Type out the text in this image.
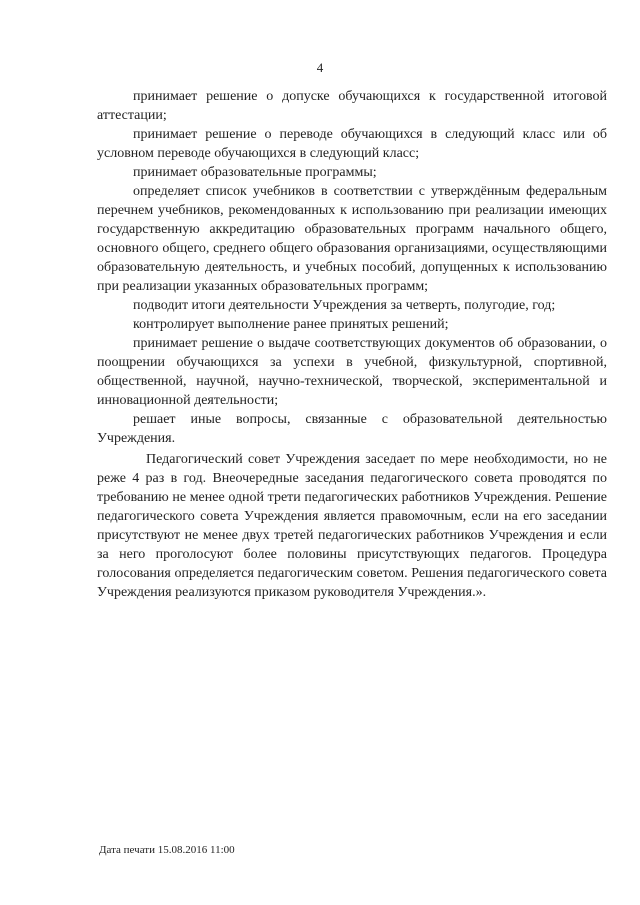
4

принимает решение о допуске обучающихся к государственной итоговой аттестации;

принимает решение о переводе обучающихся в следующий класс или об условном переводе обучающихся в следующий класс;

принимает образовательные программы;

определяет список учебников в соответствии с утверждённым федеральным перечнем учебников, рекомендованных к использованию при реализации имеющих государственную аккредитацию образовательных программ начального общего, основного общего, среднего общего образования организациями, осуществляющими образовательную деятельность, и учебных пособий, допущенных к использованию при реализации указанных образовательных программ;

подводит итоги деятельности Учреждения за четверть, полугодие, год;

контролирует выполнение ранее принятых решений;

принимает решение о выдаче соответствующих документов об образовании, о поощрении обучающихся за успехи в учебной, физкультурной, спортивной, общественной, научной, научно-технической, творческой, экспериментальной и инновационной деятельности;

решает иные вопросы, связанные с образовательной деятельностью Учреждения.

Педагогический совет Учреждения заседает по мере необходимости, но не реже 4 раз в год. Внеочередные заседания педагогического совета проводятся по требованию не менее одной трети педагогических работников Учреждения. Решение педагогического совета Учреждения является правомочным, если на его заседании присутствуют не менее двух третей педагогических работников Учреждения и если за него проголосуют более половины присутствующих педагогов. Процедура голосования определяется педагогическим советом. Решения педагогического совета Учреждения реализуются приказом руководителя Учреждения.».

Дата печати 15.08.2016 11:00
